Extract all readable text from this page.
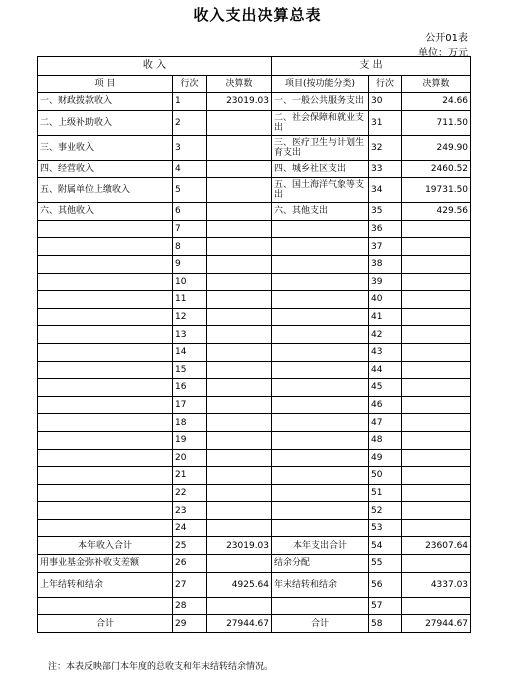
收入支出决算总表
公开01表
单位：万元
收 入			支 出		
项 目	行次	决算数	项目(按功能分类)	行次	决算数
一、财政拨款收入	1	23019.03	一、一般公共服务支出	30	24.66
二、上级补助收入	2		二、社会保障和就业支出	31	711.50
三、事业收入	3		三、医疗卫生与计划生育支出	32	249.90
四、经营收入	4		四、城乡社区支出	33	2460.52
五、附属单位上缴收入	5		五、国土海洋气象等支出	34	19731.50
六、其他收入	6		六、其他支出	35	429.56
	7			36	
	8			37	
	9			38	
	10			39	
	11			40	
	12			41	
	13			42	
	14			43	
	15			44	
	16			45	
	17			46	
	18			47	
	19			48	
	20			49	
	21			50	
	22			51	
	23			52	
	24			53	
本年收入合计	25	23019.03	本年支出合计	54	23607.64
用事业基金弥补收支差额	26		结余分配	55	
上年结转和结余	27	4925.64	年末结转和结余	56	4337.03
	28			57	
合计	29	27944.67	合计	58	27944.67
注：本表反映部门本年度的总收支和年末结转结余情况。
